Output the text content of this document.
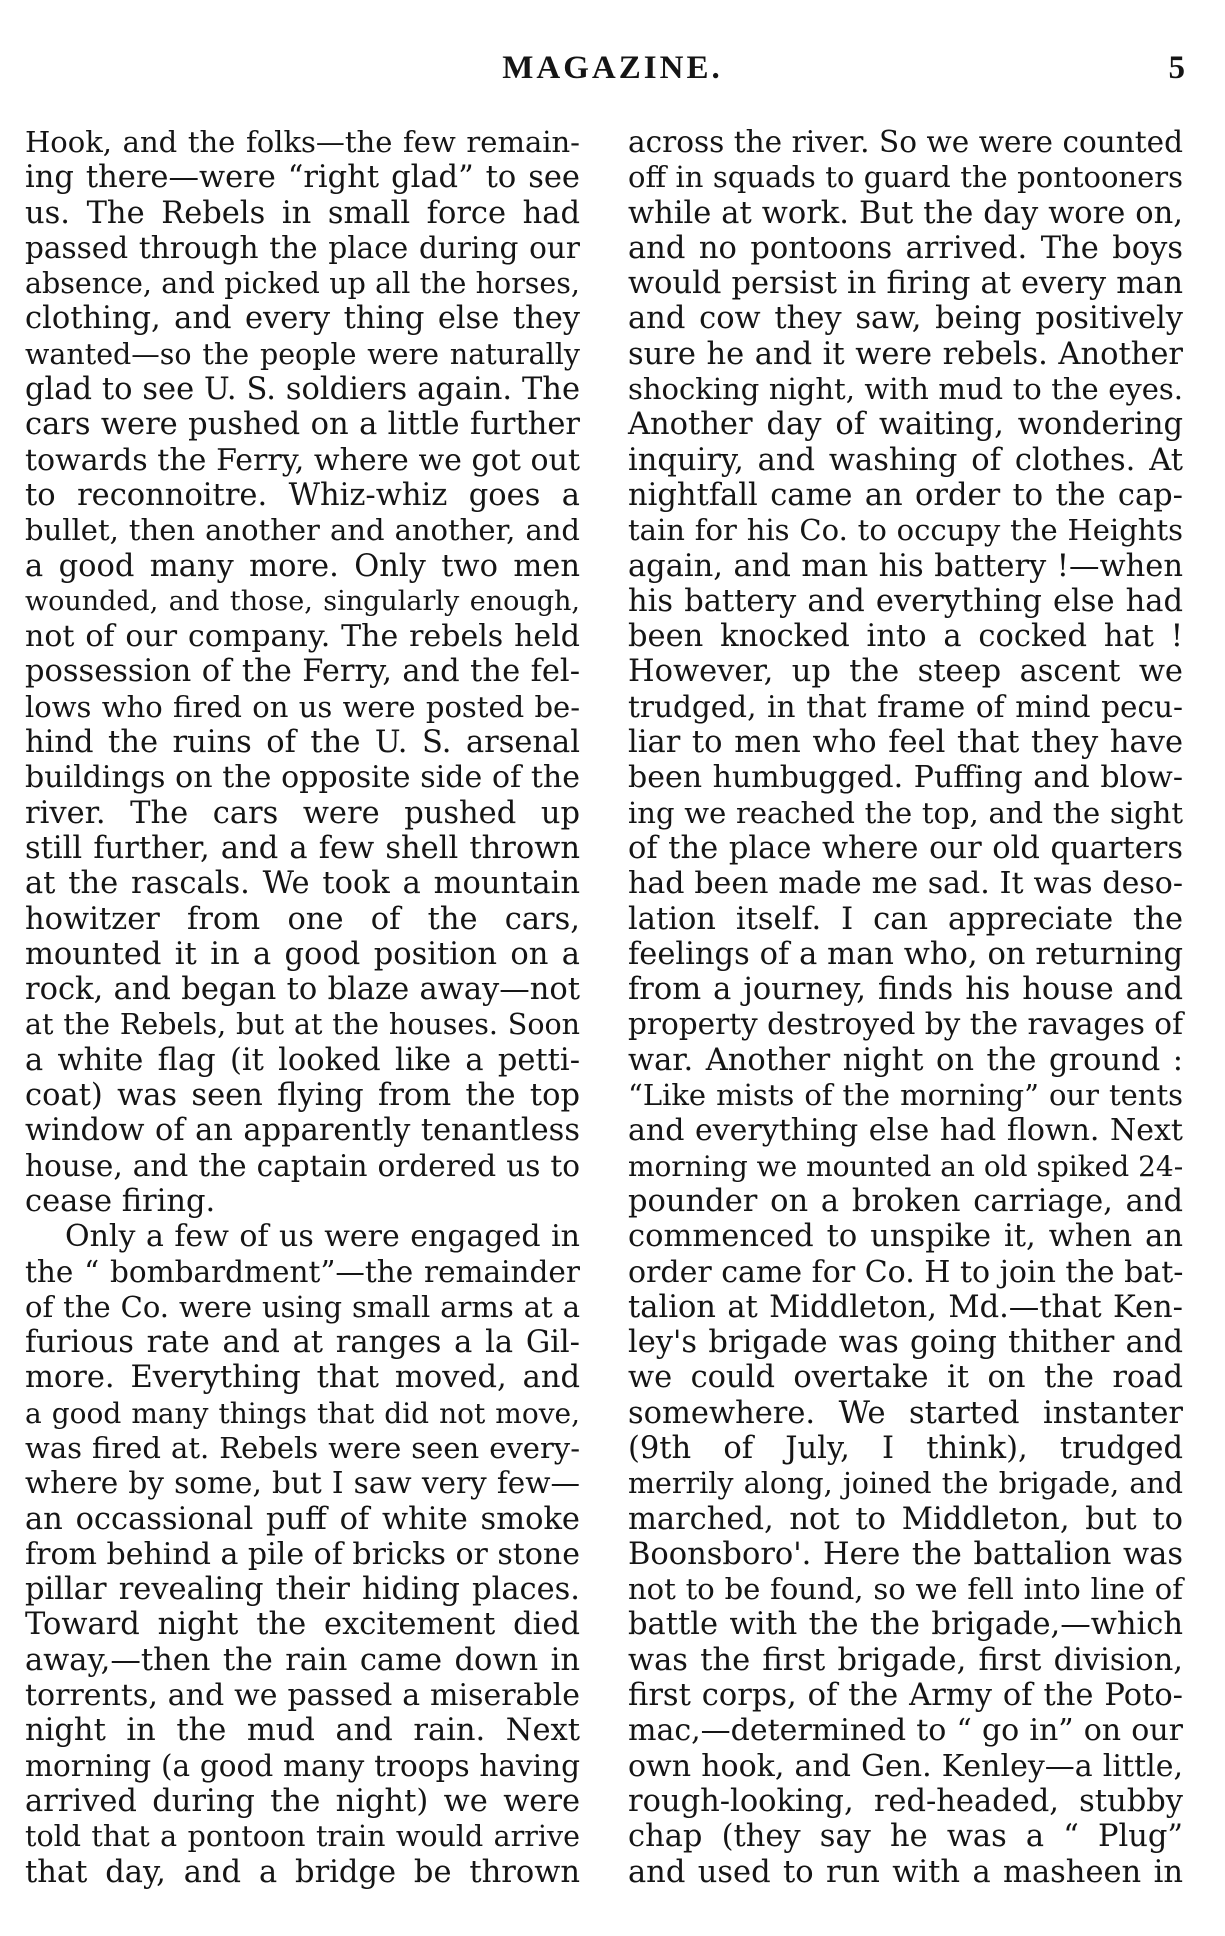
MAGAZINE.	5
Hook, and the folks—the few remain-
ing there—were “right glad” to see
us. The Rebels in small force had
passed through the place during our
absence, and picked up all the horses,
clothing, and every thing else they
wanted—so the people were naturally
glad to see U. S. soldiers again. The
cars were pushed on a little further
towards the Ferry, where we got out
to reconnoitre. Whiz-whiz goes a
bullet, then another and another, and
a good many more. Only two men
wounded, and those, singularly enough,
not of our company. The rebels held
possession of the Ferry, and the fel-
lows who fired on us were posted be-
hind the ruins of the U. S. arsenal
buildings on the opposite side of the
river. The cars were pushed up
still further, and a few shell thrown
at the rascals. We took a mountain
howitzer from one of the cars,
mounted it in a good position on a
rock, and began to blaze away—not
at the Rebels, but at the houses. Soon
a white flag (it looked like a petti-
coat) was seen flying from the top
window of an apparently tenantless
house, and the captain ordered us to
cease firing.
Only a few of us were engaged in
the “ bombardment”—the remainder
of the Co. were using small arms at a
furious rate and at ranges a la Gil-
more. Everything that moved, and
a good many things that did not move,
was fired at. Rebels were seen every-
where by some, but I saw very few—
an occassional puff of white smoke
from behind a pile of bricks or stone
pillar revealing their hiding places.
Toward night the excitement died
away,—then the rain came down in
torrents, and we passed a miserable
night in the mud and rain. Next
morning (a good many troops having
arrived during the night) we were
told that a pontoon train would arrive
that day, and a bridge be thrown
across the river. So we were counted
off in squads to guard the pontooners
while at work. But the day wore on,
and no pontoons arrived. The boys
would persist in firing at every man
and cow they saw, being positively
sure he and it were rebels. Another
shocking night, with mud to the eyes.
Another day of waiting, wondering
inquiry, and washing of clothes. At
nightfall came an order to the cap-
tain for his Co. to occupy the Heights
again, and man his battery !—when
his battery and everything else had
been knocked into a cocked hat !
However, up the steep ascent we
trudged, in that frame of mind pecu-
liar to men who feel that they have
been humbugged. Puffing and blow-
ing we reached the top, and the sight
of the place where our old quarters
had been made me sad. It was deso-
lation itself. I can appreciate the
feelings of a man who, on returning
from a journey, finds his house and
property destroyed by the ravages of
war. Another night on the ground :
“Like mists of the morning” our tents
and everything else had flown. Next
morning we mounted an old spiked 24-
pounder on a broken carriage, and
commenced to unspike it, when an
order came for Co. H to join the bat-
talion at Middleton, Md.—that Ken-
ley's brigade was going thither and
we could overtake it on the road
somewhere. We started instanter
(9th of July, I think), trudged
merrily along, joined the brigade, and
marched, not to Middleton, but to
Boonsboro'. Here the battalion was
not to be found, so we fell into line of
battle with the the brigade,—which
was the first brigade, first division,
first corps, of the Army of the Poto-
mac,—determined to “ go in” on our
own hook, and Gen. Kenley—a little,
rough-looking, red-headed, stubby
chap (they say he was a “ Plug”
and used to run with a masheen in
